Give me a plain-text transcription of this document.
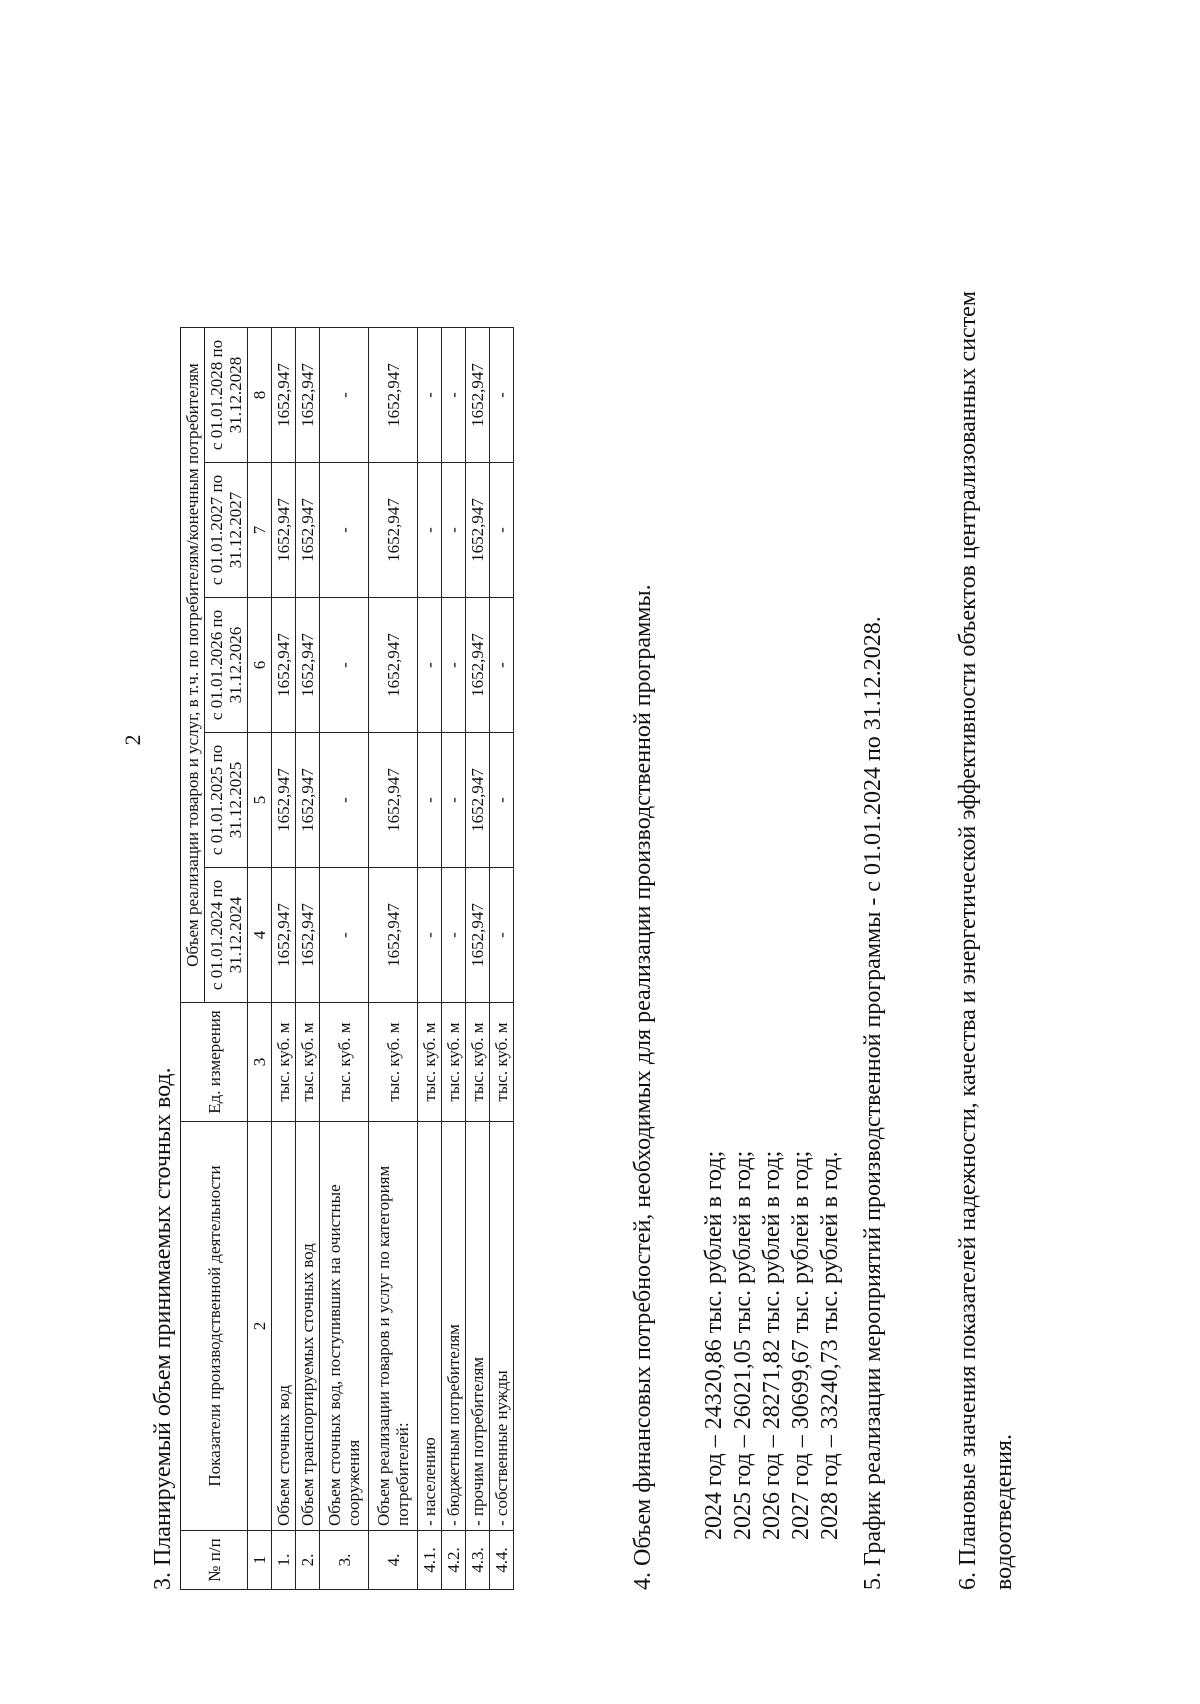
2
3. Планируемый объем принимаемых сточных вод. № п/п	Показатели производственной деятельности	Ед. измерения	Объем реализации товаров и услуг, в т.ч. по потребителям/конечным потребителям				
			с 01.01.2024 по 31.12.2024	с 01.01.2025 по 31.12.2025	с 01.01.2026 по 31.12.2026	с 01.01.2027 по 31.12.2027	с 01.01.2028 по 31.12.2028
1	2	3	4	5	6	7	8
1.	Объем сточных вод	тыс. куб. м	1652,947	1652,947	1652,947	1652,947	1652,947
2.	Объем транспортируемых сточных вод	тыс. куб. м	1652,947	1652,947	1652,947	1652,947	1652,947
3.	Объем сточных вод, поступивших на очистные сооружения	тыс. куб. м	-	-	-	-	-
4.	Объем реализации товаров и услуг по категориям потребителей:	тыс. куб. м	1652,947	1652,947	1652,947	1652,947	1652,947
4.1.	- населению	тыс. куб. м	-	-	-	-	-
4.2.	- бюджетным потребителям	тыс. куб. м	-	-	-	-	-
4.3.	- прочим потребителям	тыс. куб. м	1652,947	1652,947	1652,947	1652,947	1652,947
4.4.	- собственные нужды	тыс. куб. м	-	-	-	-	-
4. Объем финансовых потребностей, необходимых для реализации производственной программы. 2024 год – 24320,86 тыс. рублей в год; 2025 год – 26021,05 тыс. рублей в год; 2026 год – 28271,82 тыс. рублей в год; 2027 год – 30699,67 тыс. рублей в год; 2028 год – 33240,73 тыс. рублей в год. 5. График реализации мероприятий производственной программы - с 01.01.2024 по 31.12.2028.	6. Плановые значения показателей надежности, качества и энергетической эффективности объектов централизованных систем водоотведения.
